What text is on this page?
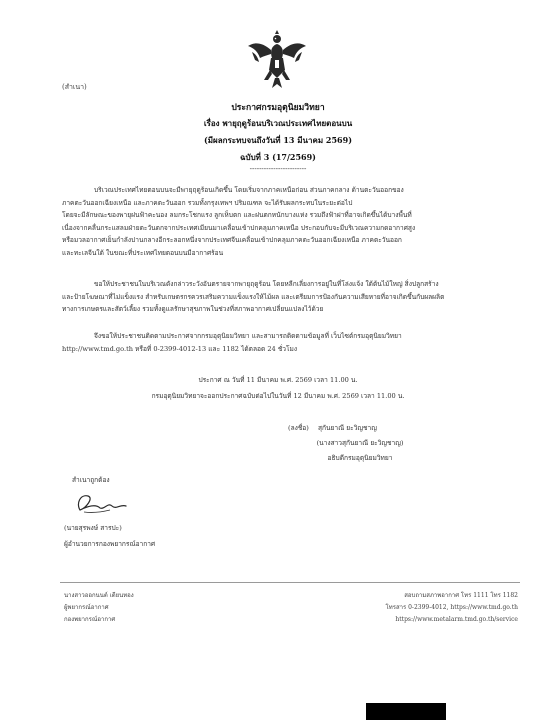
(สำเนา)
ประกาศกรมอุตุนิยมวิทยา
เรื่อง พายุฤดูร้อนบริเวณประเทศไทยตอนบน
(มีผลกระทบจนถึงวันที่ 13 มีนาคม 2569)
ฉบับที่ 3 (17/2569)
------------------------
บริเวณประเทศไทยตอนบนจะมีพายุฤดูร้อนเกิดขึ้น โดยเริ่มจากภาคเหนือก่อน ส่วนภาคกลาง ด้านตะวันออกของ
ภาคตะวันออกเฉียงเหนือ และภาคตะวันออก รวมทั้งกรุงเทพฯ ปริมณฑล จะได้รับผลกระทบในระยะต่อไป
โดยจะมีลักษณะของพายุฝนฟ้าคะนอง ลมกระโชกแรง ลูกเห็บตก และฝนตกหนักบางแห่ง รวมถึงฟ้าผ่าที่อาจเกิดขึ้นได้บางพื้นที่
เนื่องจากคลื่นกระแสลมฝ่ายตะวันตกจากประเทศเมียนมาเคลื่อนเข้าปกคลุมภาคเหนือ ประกอบกับจะมีบริเวณความกดอากาศสูง
หรือมวลอากาศเย็นกำลังปานกลางอีกระลอกหนึ่งจากประเทศจีนเคลื่อนเข้าปกคลุมภาคตะวันออกเฉียงเหนือ ภาคตะวันออก
และทะเลจีนใต้ ในขณะที่ประเทศไทยตอนบนมีอากาศร้อน
ขอให้ประชาชนในบริเวณดังกล่าวระวังอันตรายจากพายุฤดูร้อน โดยหลีกเลี่ยงการอยู่ในที่โล่งแจ้ง ใต้ต้นไม้ใหญ่ สิ่งปลูกสร้าง
และป้ายโฆษณาที่ไม่แข็งแรง สำหรับเกษตรกรควรเสริมความแข็งแรงให้ไม้ผล และเตรียมการป้องกันความเสียหายที่อาจเกิดขึ้นกับผลผลิต
ทางการเกษตรและสัตว์เลี้ยง รวมทั้งดูแลรักษาสุขภาพในช่วงที่สภาพอากาศเปลี่ยนแปลงไว้ด้วย
จึงขอให้ประชาชนติดตามประกาศจากกรมอุตุนิยมวิทยา และสามารถติดตามข้อมูลที่ เว็บไซต์กรมอุตุนิยมวิทยา
http://www.tmd.go.th หรือที่ 0-2399-4012-13 และ 1182 ได้ตลอด 24 ชั่วโมง
ประกาศ ณ วันที่ 11 มีนาคม พ.ศ. 2569 เวลา 11.00 น.
กรมอุตุนิยมวิทยาจะออกประกาศฉบับต่อไปในวันที่ 12 มีนาคม พ.ศ. 2569 เวลา 11.00 น.
(ลงชื่อ) สุกันยาณี ยะวิญชาญ
(นางสาวสุกันยาณี ยะวิญชาญ)
อธิบดีกรมอุตุนิยมวิทยา
สำเนาถูกต้อง
(นายสุรพงษ์ สารปะ)
ผู้อำนวยการกองพยากรณ์อากาศ
นางสาวออกนนต์ เดียนทอง
ผู้พยากรณ์อากาศ
กองพยากรณ์อากาศ
สอบถามสภาพอากาศ โทร 1111 โทร 1182
โทรสาร 0-2399-4012, https://www.tmd.go.th
https://www.metalarm.tmd.go.th/service
